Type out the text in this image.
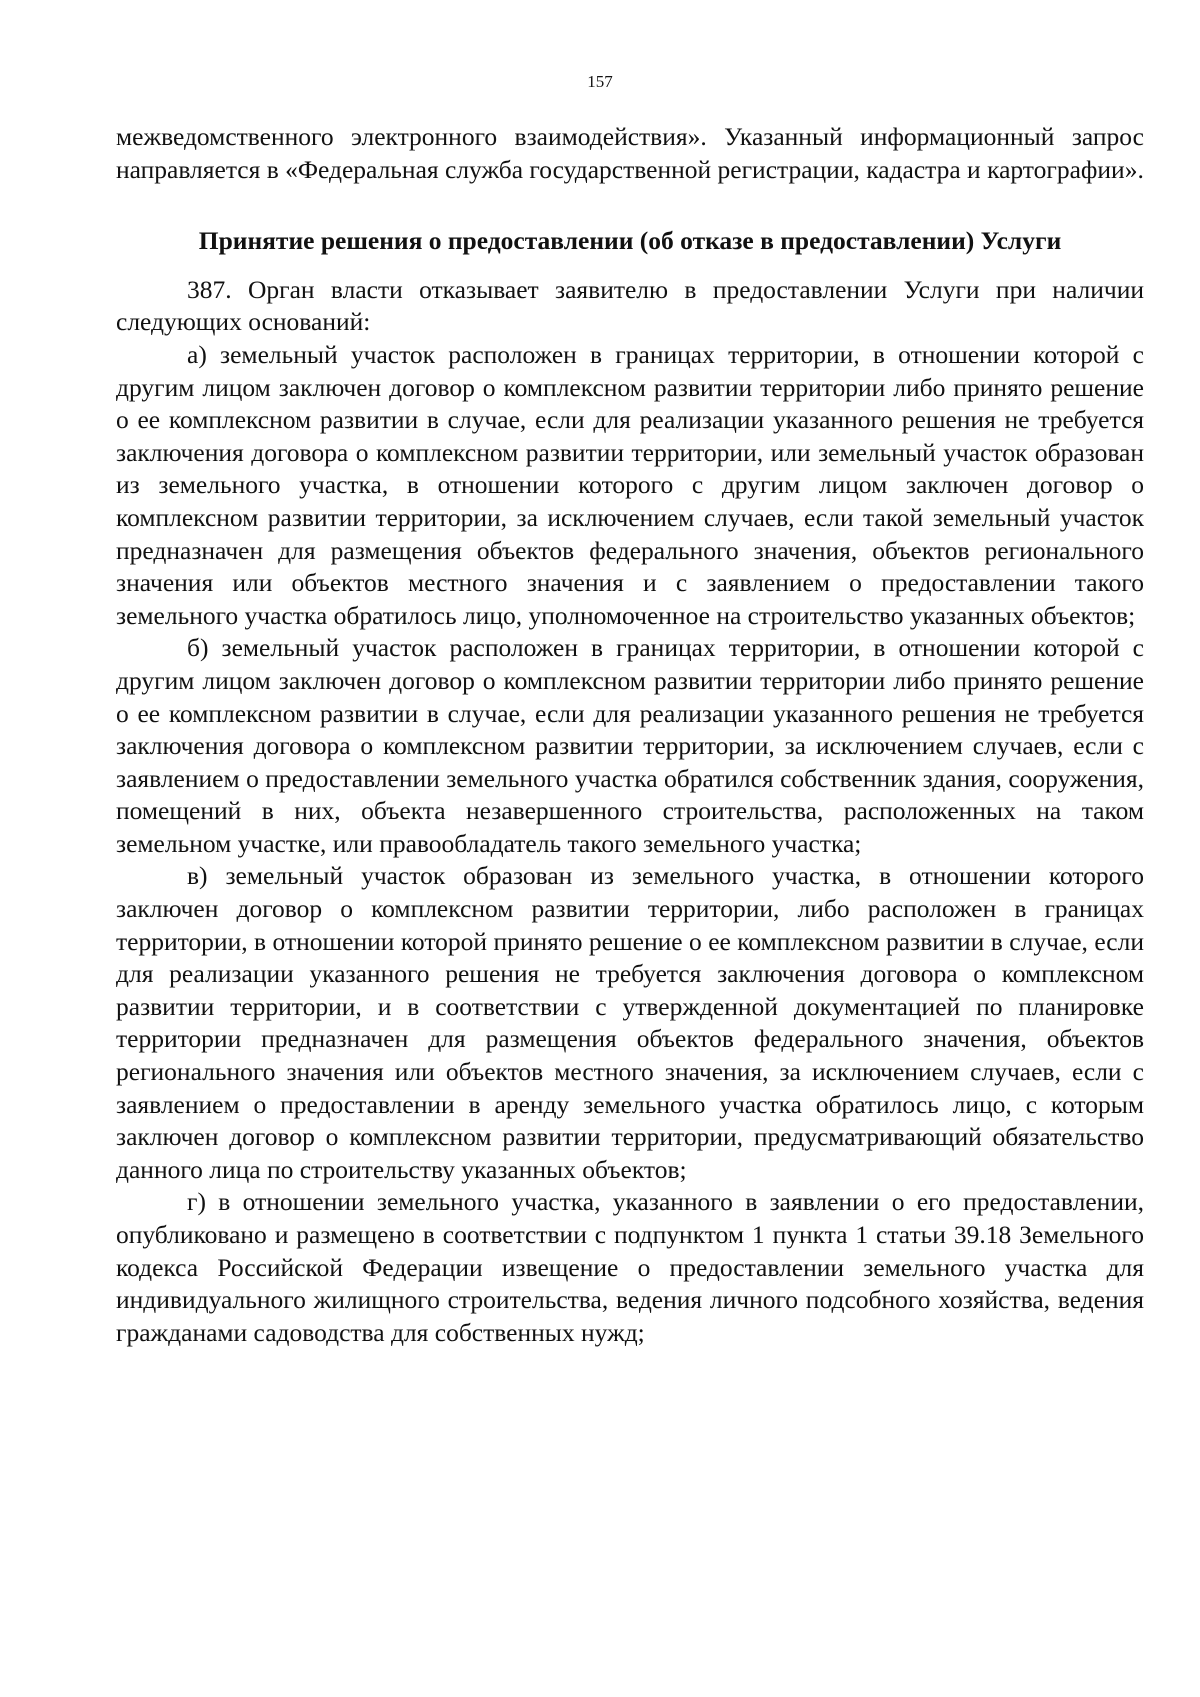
157

межведомственного электронного взаимодействия». Указанный информационный запрос направляется в «Федеральная служба государственной регистрации, кадастра и картографии».

Принятие решения о предоставлении (об отказе в предоставлении) Услуги

387. Орган власти отказывает заявителю в предоставлении Услуги при наличии следующих оснований:

а) земельный участок расположен в границах территории, в отношении которой с другим лицом заключен договор о комплексном развитии территории либо принято решение о ее комплексном развитии в случае, если для реализации указанного решения не требуется заключения договора о комплексном развитии территории, или земельный участок образован из земельного участка, в отношении которого с другим лицом заключен договор о комплексном развитии территории, за исключением случаев, если такой земельный участок предназначен для размещения объектов федерального значения, объектов регионального значения или объектов местного значения и с заявлением о предоставлении такого земельного участка обратилось лицо, уполномоченное на строительство указанных объектов;

б) земельный участок расположен в границах территории, в отношении которой с другим лицом заключен договор о комплексном развитии территории либо принято решение о ее комплексном развитии в случае, если для реализации указанного решения не требуется заключения договора о комплексном развитии территории, за исключением случаев, если с заявлением о предоставлении земельного участка обратился собственник здания, сооружения, помещений в них, объекта незавершенного строительства, расположенных на таком земельном участке, или правообладатель такого земельного участка;

в) земельный участок образован из земельного участка, в отношении которого заключен договор о комплексном развитии территории, либо расположен в границах территории, в отношении которой принято решение о ее комплексном развитии в случае, если для реализации указанного решения не требуется заключения договора о комплексном развитии территории, и в соответствии с утвержденной документацией по планировке территории предназначен для размещения объектов федерального значения, объектов регионального значения или объектов местного значения, за исключением случаев, если с заявлением о предоставлении в аренду земельного участка обратилось лицо, с которым заключен договор о комплексном развитии территории, предусматривающий обязательство данного лица по строительству указанных объектов;

г) в отношении земельного участка, указанного в заявлении о его предоставлении, опубликовано и размещено в соответствии с подпунктом 1 пункта 1 статьи 39.18 Земельного кодекса Российской Федерации извещение о предоставлении земельного участка для индивидуального жилищного строительства, ведения личного подсобного хозяйства, ведения гражданами садоводства для собственных нужд;
